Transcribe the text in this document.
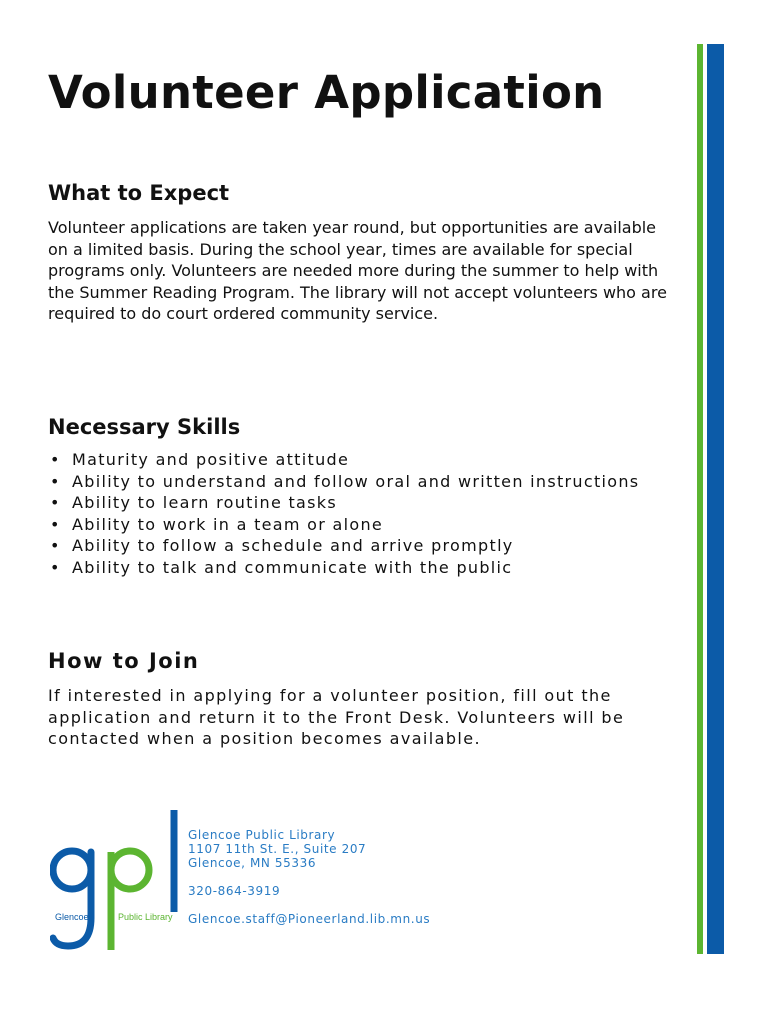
Volunteer Application
What to Expect

Volunteer applications are taken year round, but opportunities are available on a limited basis. During the school year, times are available for special programs only. Volunteers are needed more during the summer to help with the Summer Reading Program. The library will not accept volunteers who are required to do court ordered community service.

Necessary Skills
• Maturity and positive attitude
• Ability to understand and follow oral and written instructions
• Ability to learn routine tasks
• Ability to work in a team or alone
• Ability to follow a schedule and arrive promptly
• Ability to talk and communicate with the public
How to Join

If interested in applying for a volunteer position, fill out the application and return it to the Front Desk. Volunteers will be contacted when a position becomes available.

Glencoe	Public Library
Glencoe Public Library
1107 11th St. E., Suite 207
Glencoe, MN 55336
320-864-3919
Glencoe.staff@Pioneerland.lib.mn.us
